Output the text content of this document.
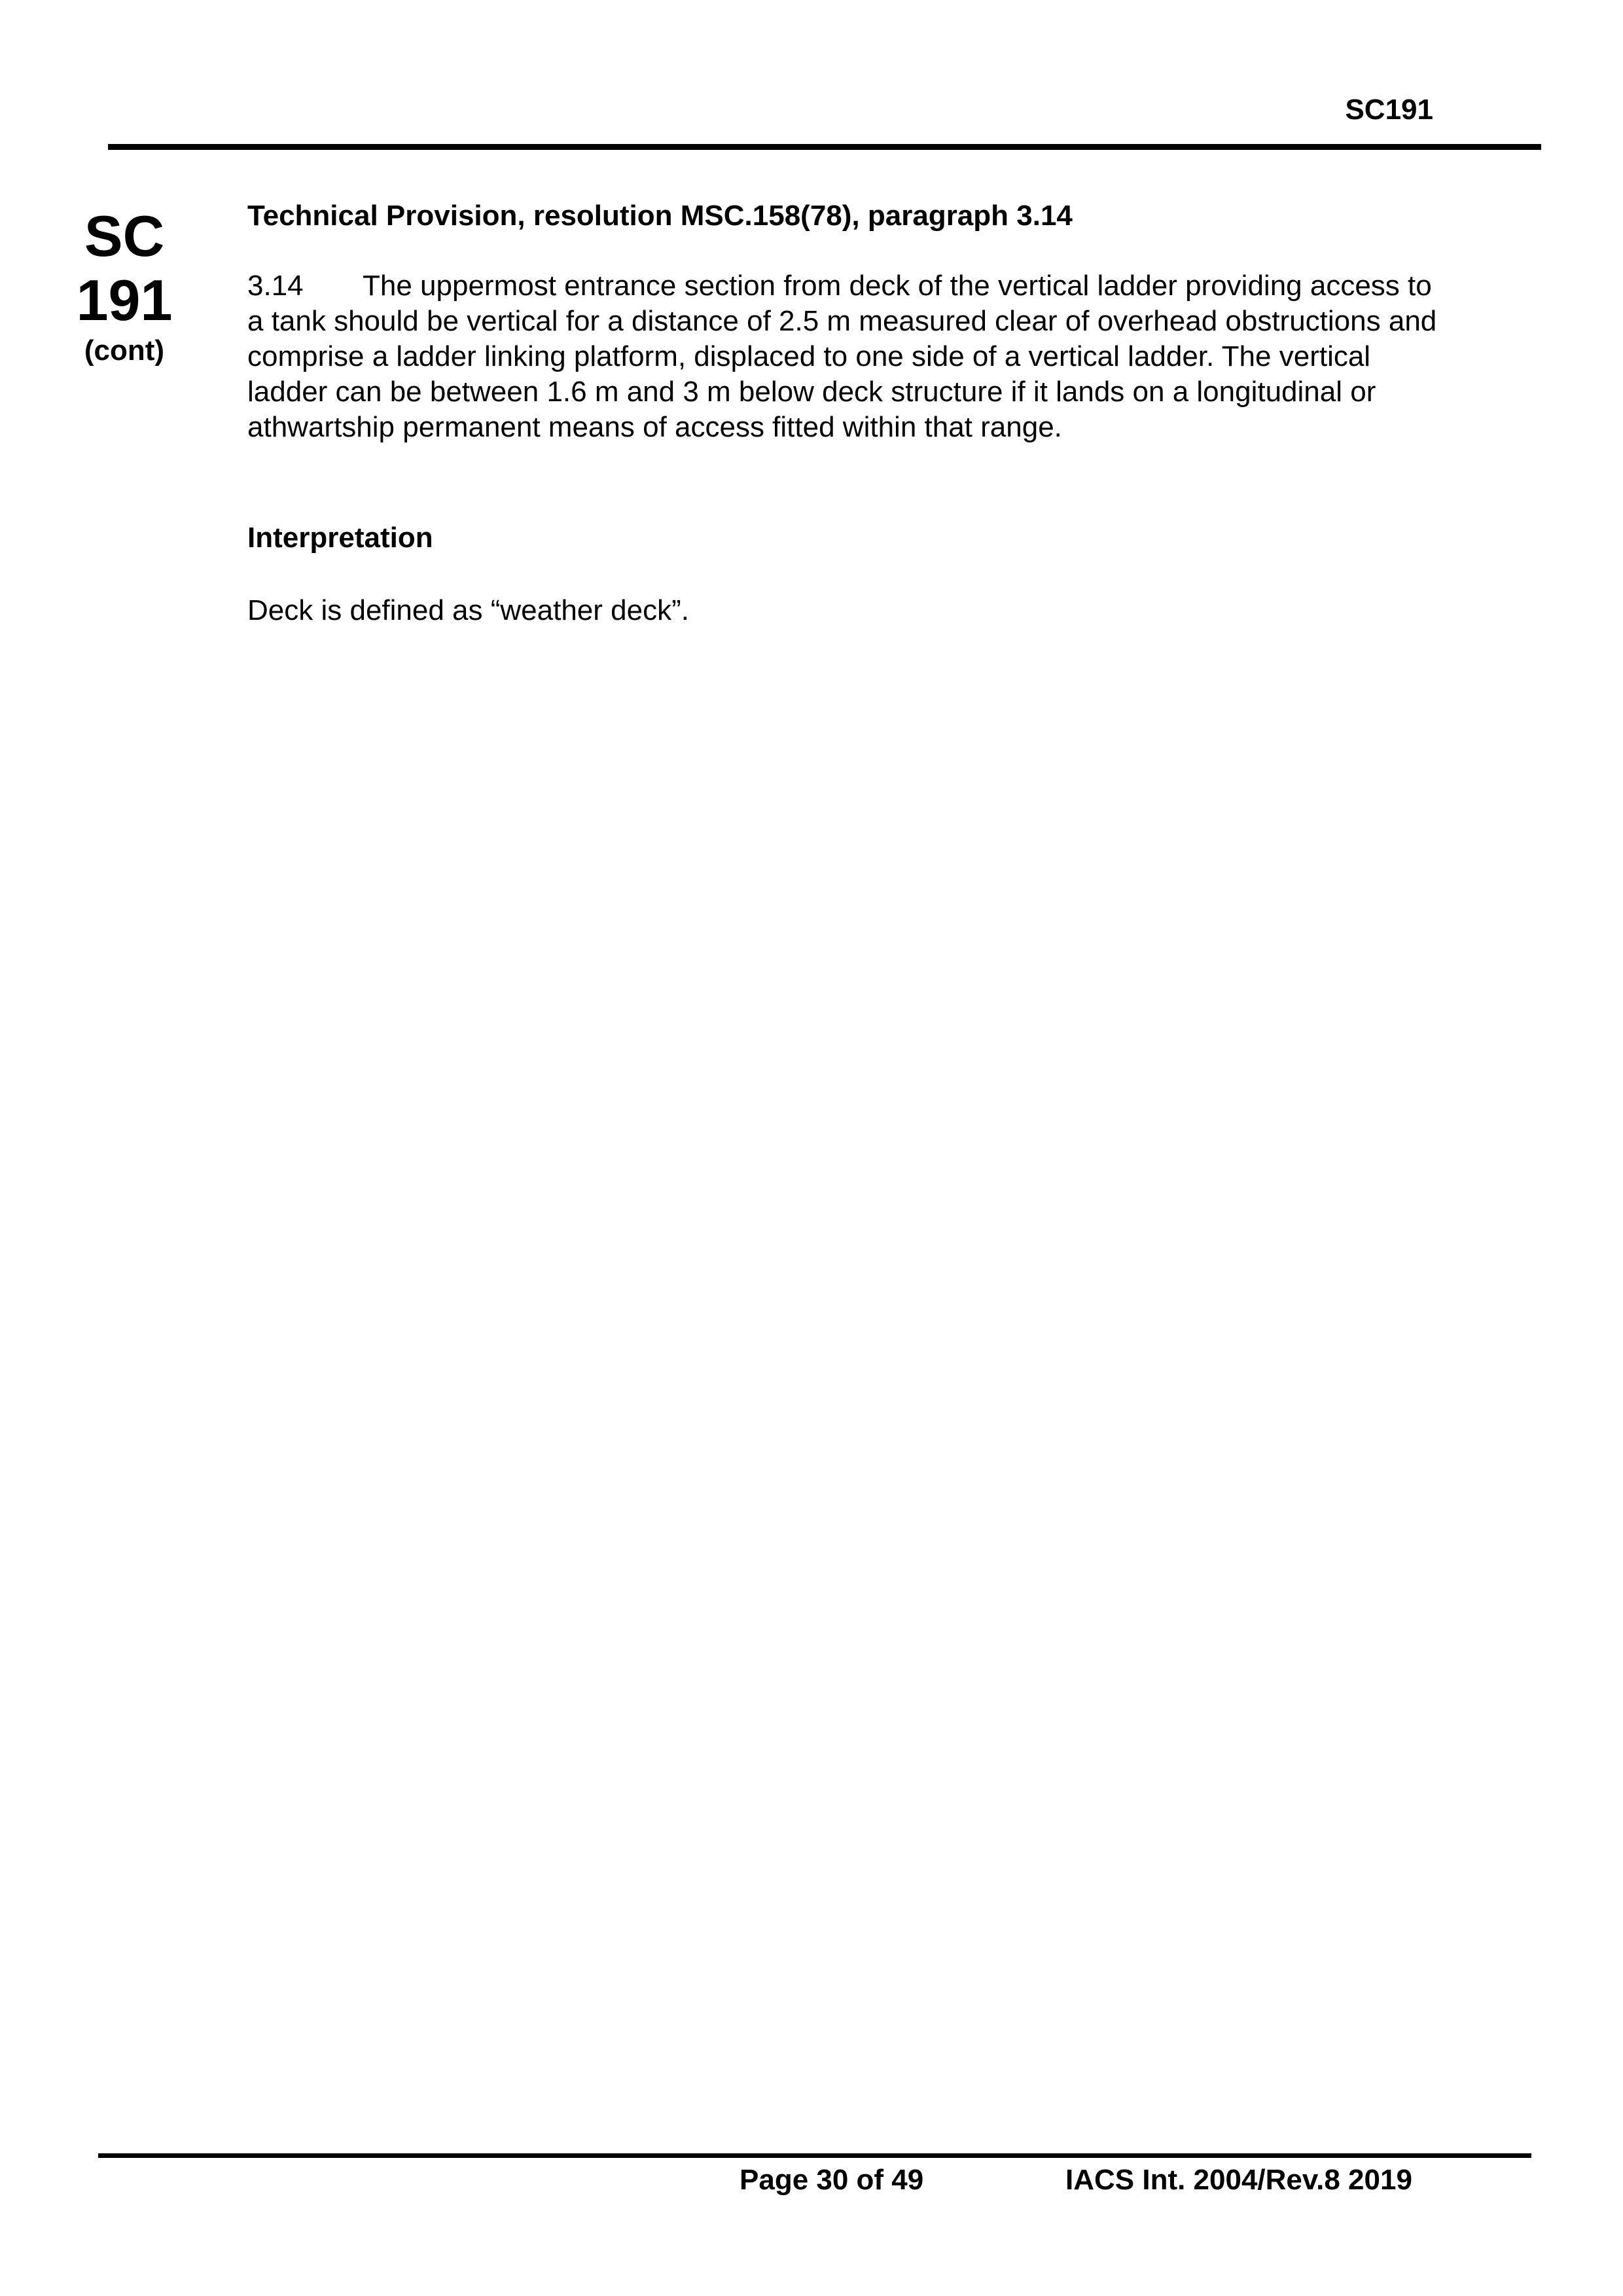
SC191
SC
191
(cont)

Technical Provision, resolution MSC.158(78), paragraph 3.14

3.14 The uppermost entrance section from deck of the vertical ladder providing access to

a tank should be vertical for a distance of 2.5 m measured clear of overhead obstructions and

comprise a ladder linking platform, displaced to one side of a vertical ladder. The vertical

ladder can be between 1.6 m and 3 m below deck structure if it lands on a longitudinal or

athwartship permanent means of access fitted within that range.

Interpretation

Deck is defined as “weather deck”.

Page 30 of 49	IACS Int. 2004/Rev.8 2019
